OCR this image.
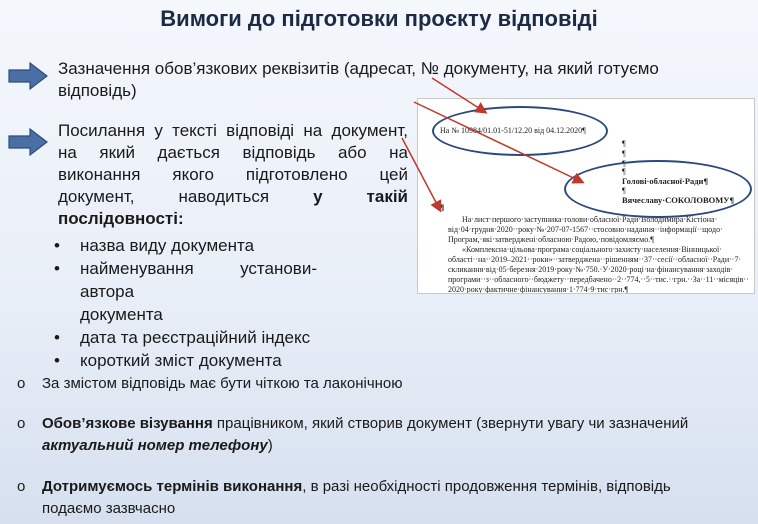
Вимоги до підготовки проєкту відповіді
Зазначення обов’язкових реквізитів (адресат, № документу, на який готуємо
відповідь)
Посилання у тексті відповіді на документ,
на який дається відповідь або на
виконання якого підготовлено цей
документ,	наводиться	у такій
послідовності:
• назва виду документа
• найменування	установи-автора
документа
• дата та реєстраційний індекс
• короткий зміст документа
На № 10984/01.01-51/12.20 від 04.12.2020¶
¶
¶
¶
¶
Голові·обласної·Ради¶
¶
Вячеславу·СОКОЛОВОМУ¶
¶
На·лист·першого·заступника·голови·обласної·Ради·Володимира·Кістіона·
від·04·грудня·2020··року·№·207-07-1567··стосовно·надання··інформації··щодо·
Програм,·які·затверджені·обласною·Радою,·повідомляємо.¶
«Комплексна·цільова·програма·соціального·захисту·населення·Вінницької·
області··на··2019–2021··роки»··затверджена··рішенням··37··сесії··обласної··Ради··7·
скликання·від·05·березня·2019·року·№·750.·У·2020·році·на·фінансування·заходів·
програми··з··обласного··бюджету··передбачено··2··774,··5··тис.··грн.··За··11··місяців··
2020·року·фактичне·фінансування·1·774·9·тис·грн.¶
o За змістом відповідь має бути чіткою та лаконічною
o Обов’язкове візування працівником, який створив документ (звернути увагу чи зазначений
актуальний номер телефону)
o Дотримуємось термінів виконання, в разі необхідності продовження термінів, відповідь
подаємо зазвчасно
